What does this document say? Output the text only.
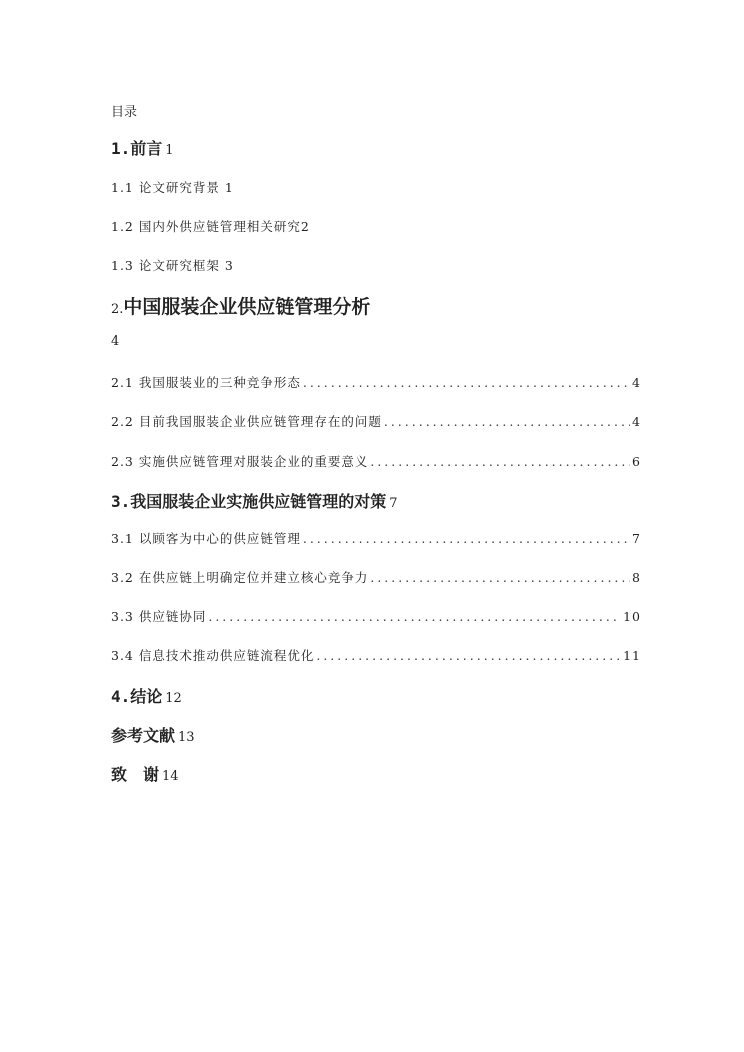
目录
1.前言 1
1.1 论文研究背景 1
1.2 国内外供应链管理相关研究2
1.3 论文研究框架 3
2.中国服装企业供应链管理分析
4
2.1 我国服装业的三种竞争形态 .....	4
2.2 目前我国服装企业供应链管理存在的问题 .....	4
2.3 实施供应链管理对服装企业的重要意义 .....	6
3.我国服装企业实施供应链管理的对策 7
3.1 以顾客为中心的供应链管理 .....	7
3.2 在供应链上明确定位并建立核心竞争力 .....	8
3.3 供应链协同 .....	10
3.4 信息技术推动供应链流程优化 .....	11
4.结论 12
参考文献 13
致　谢 14
